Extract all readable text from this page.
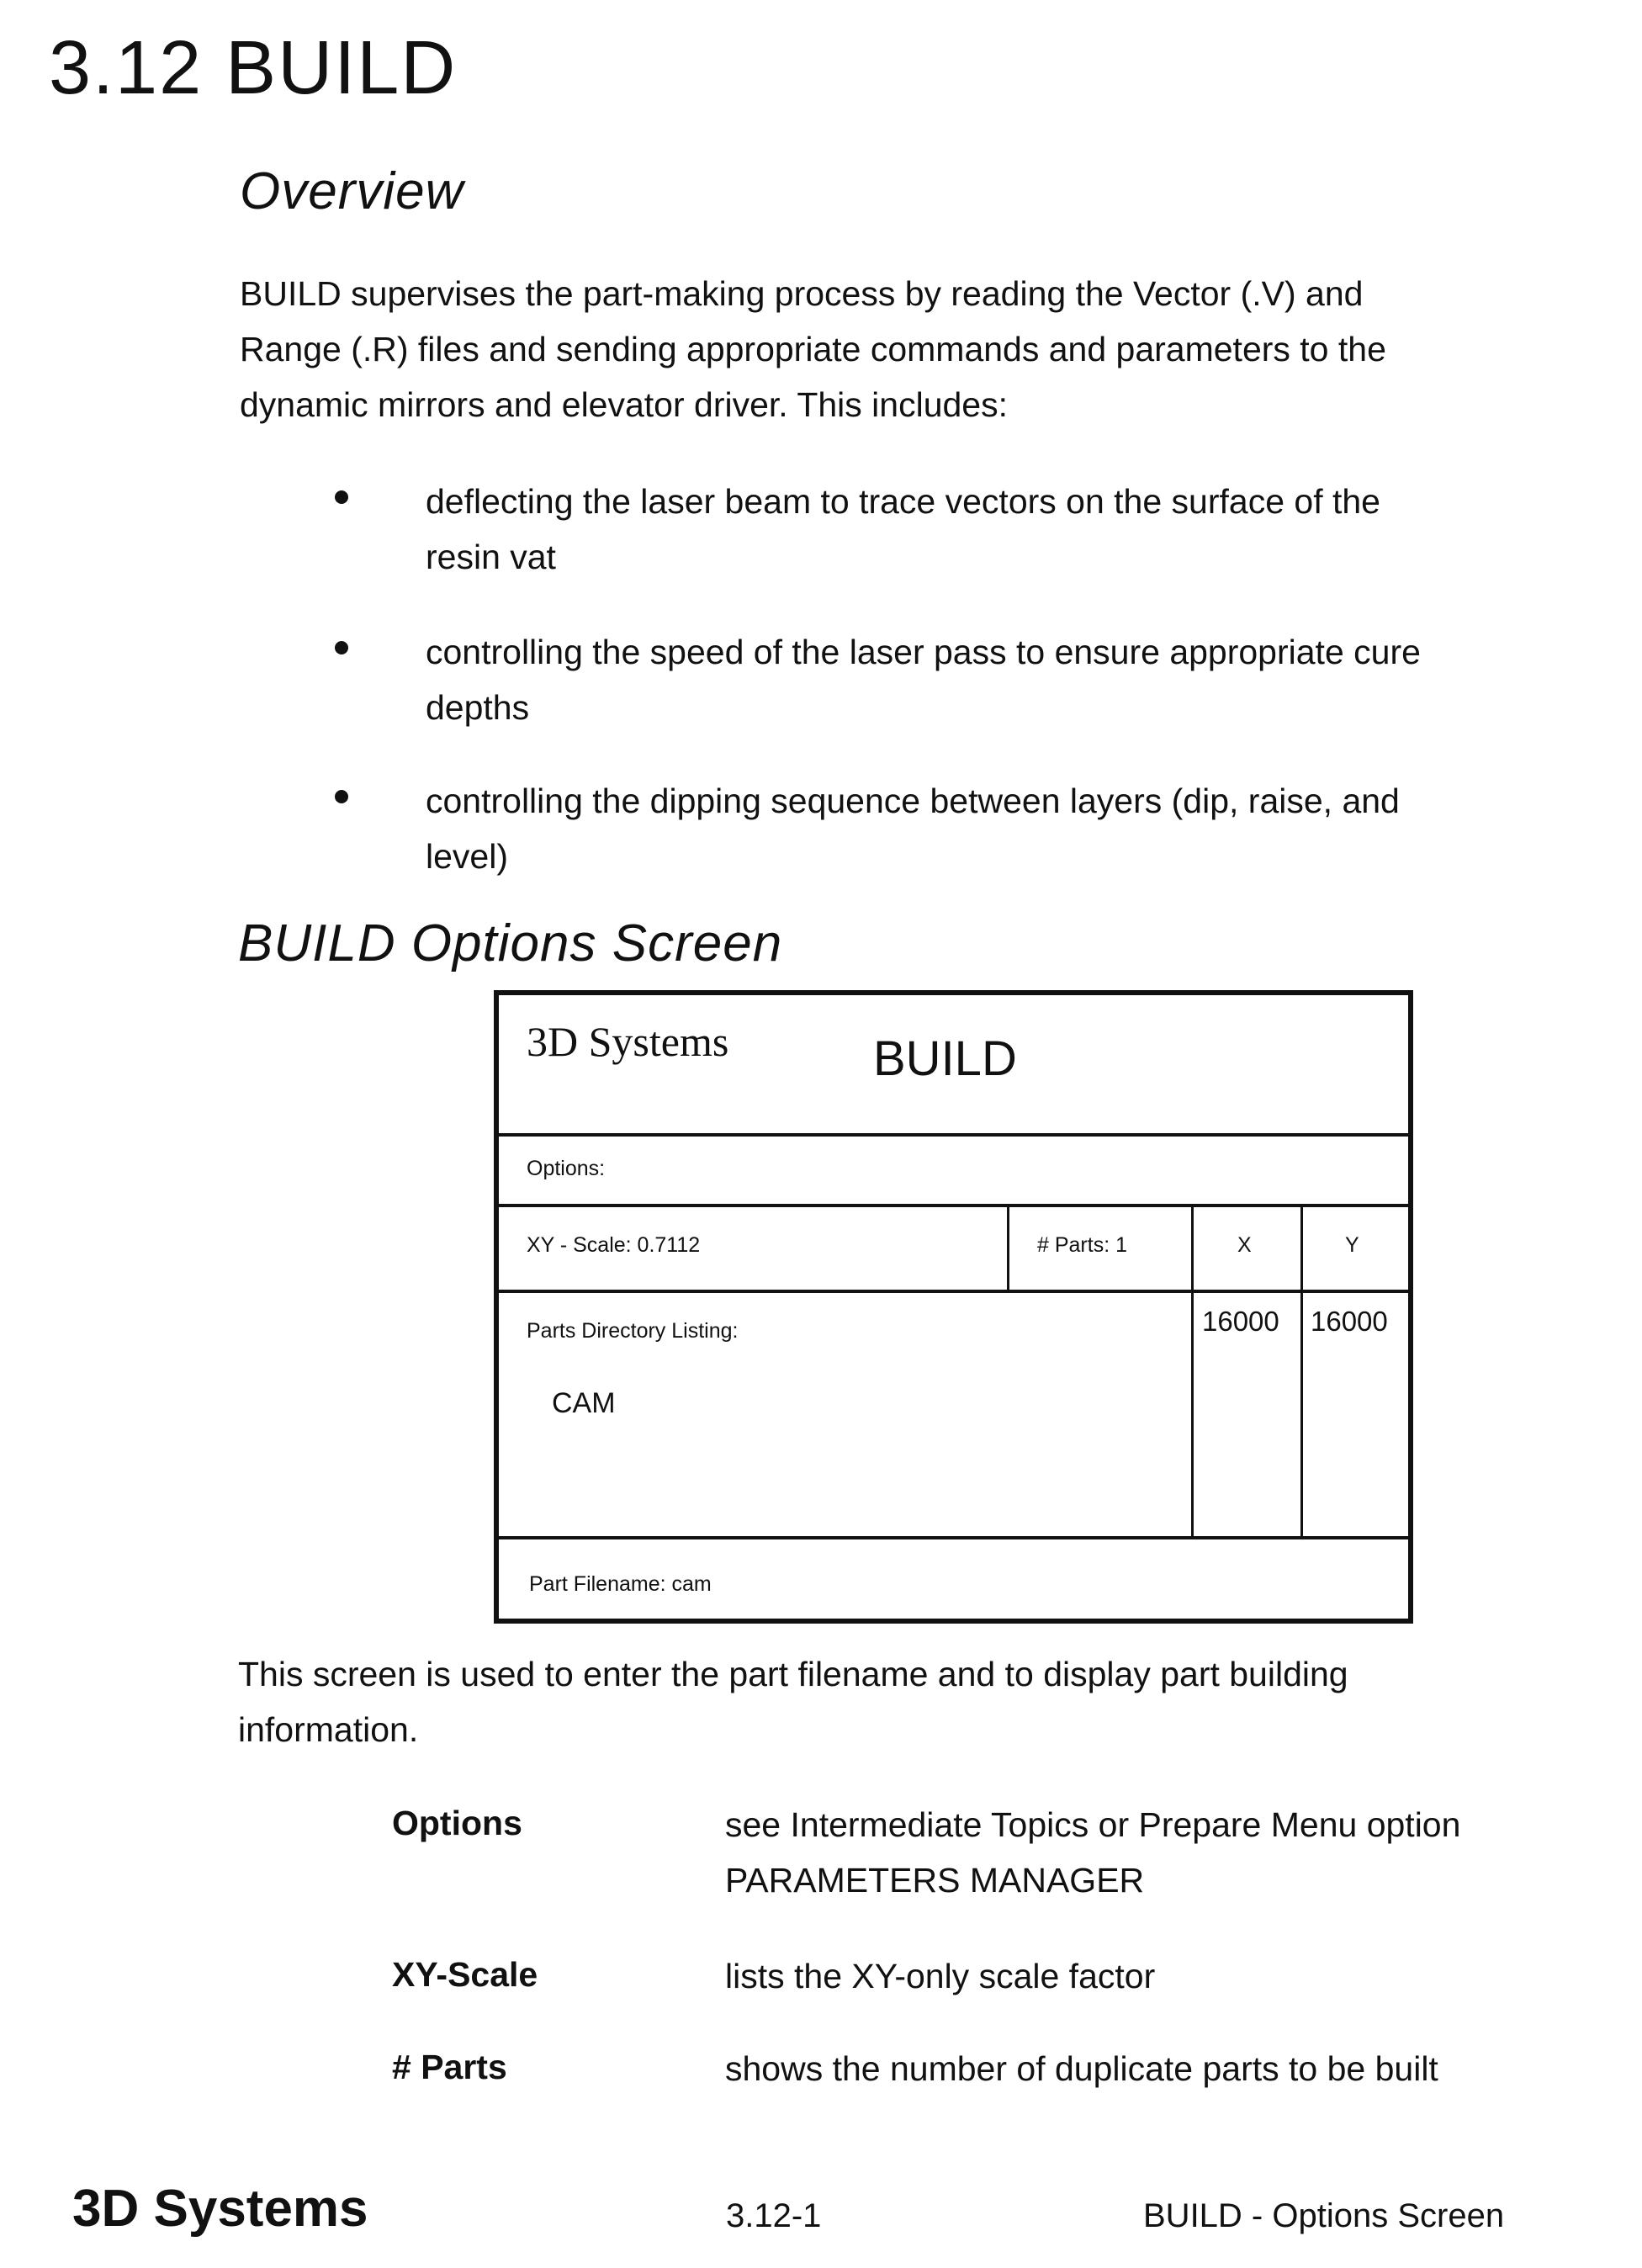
3.12 BUILD
Overview
BUILD supervises the part-making process by reading the Vector (.V) and
Range (.R) files and sending appropriate commands and parameters to the
dynamic mirrors and elevator driver. This includes:
deflecting the laser beam to trace vectors on the surface of the
resin vat
controlling the speed of the laser pass to ensure appropriate cure
depths
controlling the dipping sequence between layers (dip, raise, and
level)
BUILD Options Screen
3D Systems	BUILD
Options:
XY - Scale: 0.7112	# Parts: 1	X	Y
16000 16000
Parts Directory Listing:
CAM
Part Filename: cam
This screen is used to enter the part filename and to display part building
information.
Options	see Intermediate Topics or Prepare Menu option
PARAMETERS MANAGER
XY-Scale	lists the XY-only scale factor
# Parts	shows the number of duplicate parts to be built
3D Systems	3.12-1	BUILD - Options Screen
